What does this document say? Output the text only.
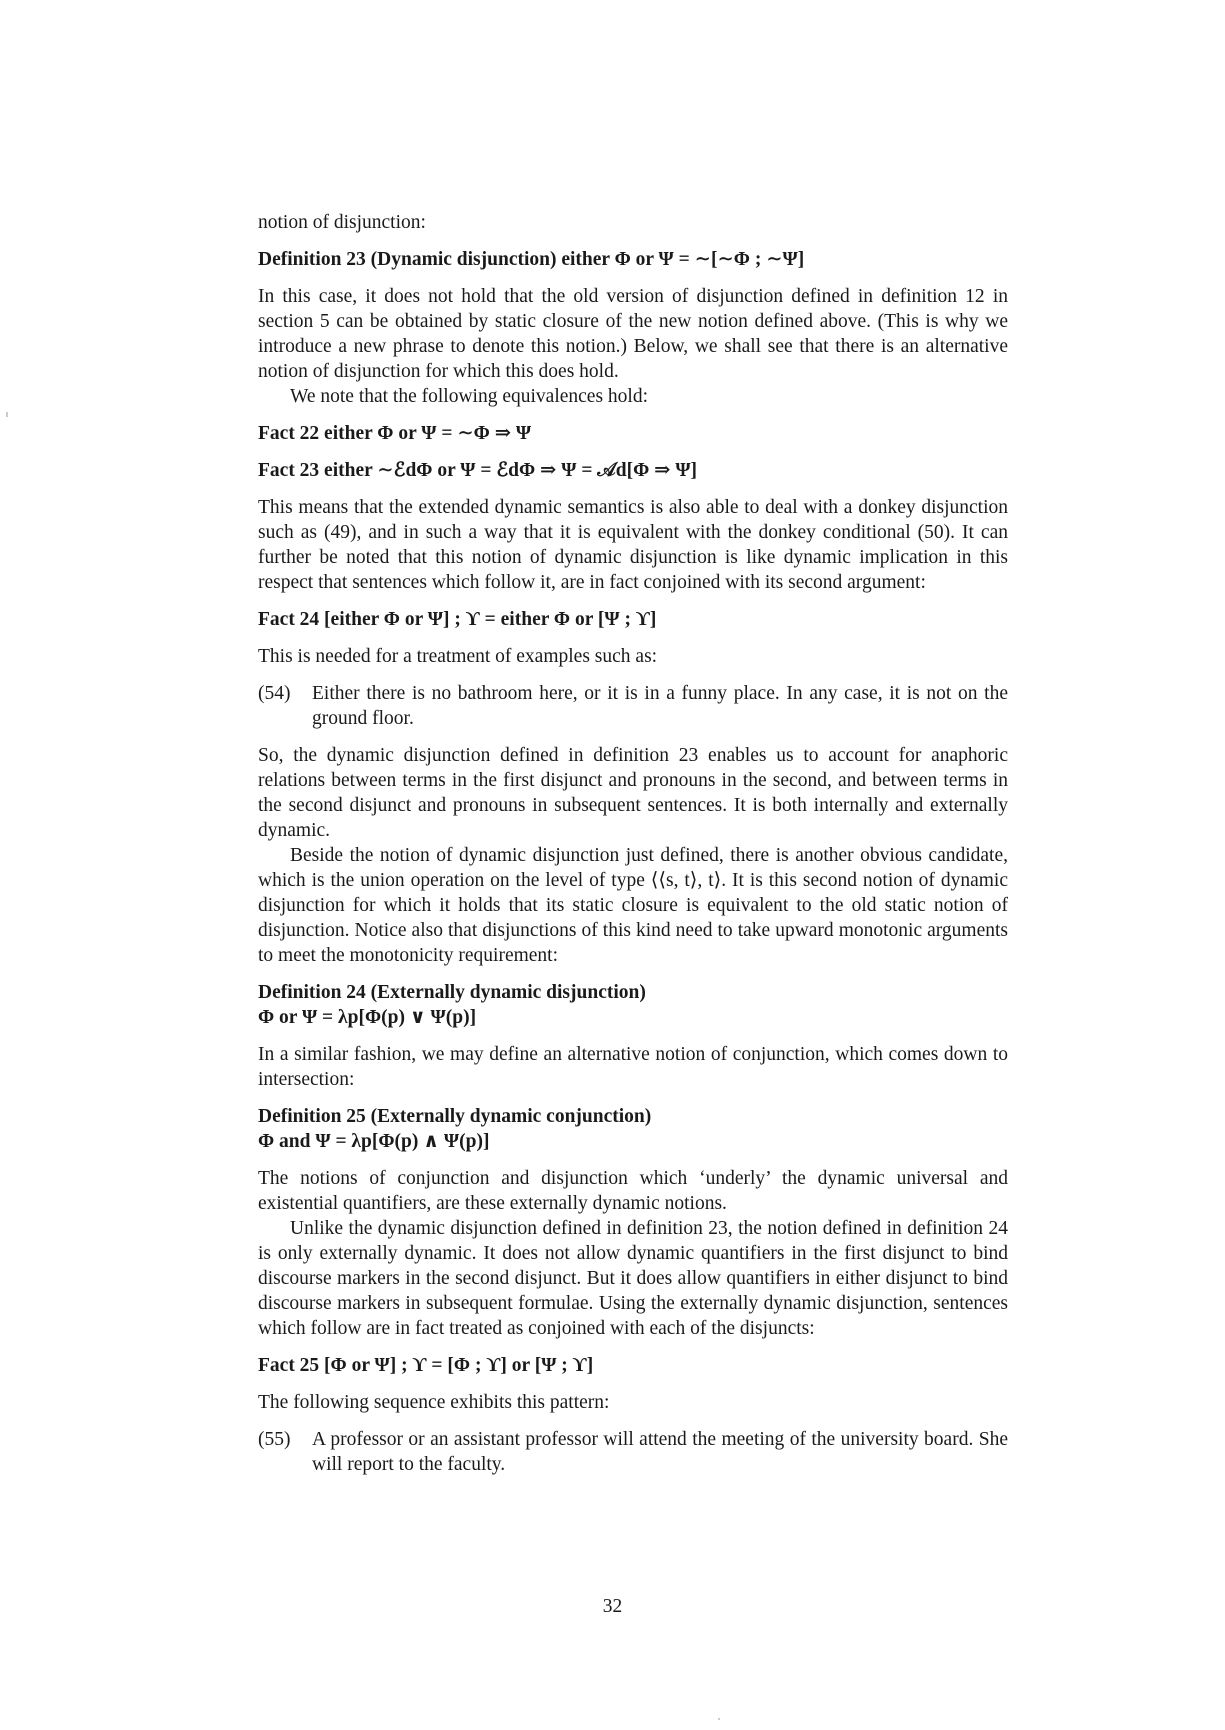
notion of disjunction:

Definition 23 (Dynamic disjunction) either Φ or Ψ = ∼[∼Φ ; ∼Ψ]

In this case, it does not hold that the old version of disjunction defined in definition 12 in section 5 can be obtained by static closure of the new notion defined above. (This is why we introduce a new phrase to denote this notion.) Below, we shall see that there is an alternative notion of disjunction for which this does hold.

We note that the following equivalences hold:

Fact 22 either Φ or Ψ = ∼Φ ⇒ Ψ

Fact 23 either ∼ℰdΦ or Ψ = ℰdΦ ⇒ Ψ = 𝒜d[Φ ⇒ Ψ]

This means that the extended dynamic semantics is also able to deal with a donkey disjunction such as (49), and in such a way that it is equivalent with the donkey conditional (50). It can further be noted that this notion of dynamic disjunction is like dynamic implication in this respect that sentences which follow it, are in fact conjoined with its second argument:

Fact 24 [either Φ or Ψ] ; ϒ = either Φ or [Ψ ; ϒ]

This is needed for a treatment of examples such as:

(54)	Either there is no bathroom here, or it is in a funny place. In any case, it is not on the ground floor.

So, the dynamic disjunction defined in definition 23 enables us to account for anaphoric relations between terms in the first disjunct and pronouns in the second, and between terms in the second disjunct and pronouns in subsequent sentences. It is both internally and externally dynamic.

Beside the notion of dynamic disjunction just defined, there is another obvious candidate, which is the union operation on the level of type ⟨⟨s, t⟩, t⟩. It is this second notion of dynamic disjunction for which it holds that its static closure is equivalent to the old static notion of disjunction. Notice also that disjunctions of this kind need to take upward monotonic arguments to meet the monotonicity requirement:

Definition 24 (Externally dynamic disjunction)

Φ or Ψ = λp[Φ(p) ∨ Ψ(p)]

In a similar fashion, we may define an alternative notion of conjunction, which comes down to intersection:

Definition 25 (Externally dynamic conjunction)

Φ and Ψ = λp[Φ(p) ∧ Ψ(p)]

The notions of conjunction and disjunction which ‘underly’ the dynamic universal and existential quantifiers, are these externally dynamic notions.

Unlike the dynamic disjunction defined in definition 23, the notion defined in definition 24 is only externally dynamic. It does not allow dynamic quantifiers in the first disjunct to bind discourse markers in the second disjunct. But it does allow quantifiers in either disjunct to bind discourse markers in subsequent formulae. Using the externally dynamic disjunction, sentences which follow are in fact treated as conjoined with each of the disjuncts:

Fact 25 [Φ or Ψ] ; ϒ = [Φ ; ϒ] or [Ψ ; ϒ]

The following sequence exhibits this pattern:

(55)	A professor or an assistant professor will attend the meeting of the university board. She will report to the faculty.
32
